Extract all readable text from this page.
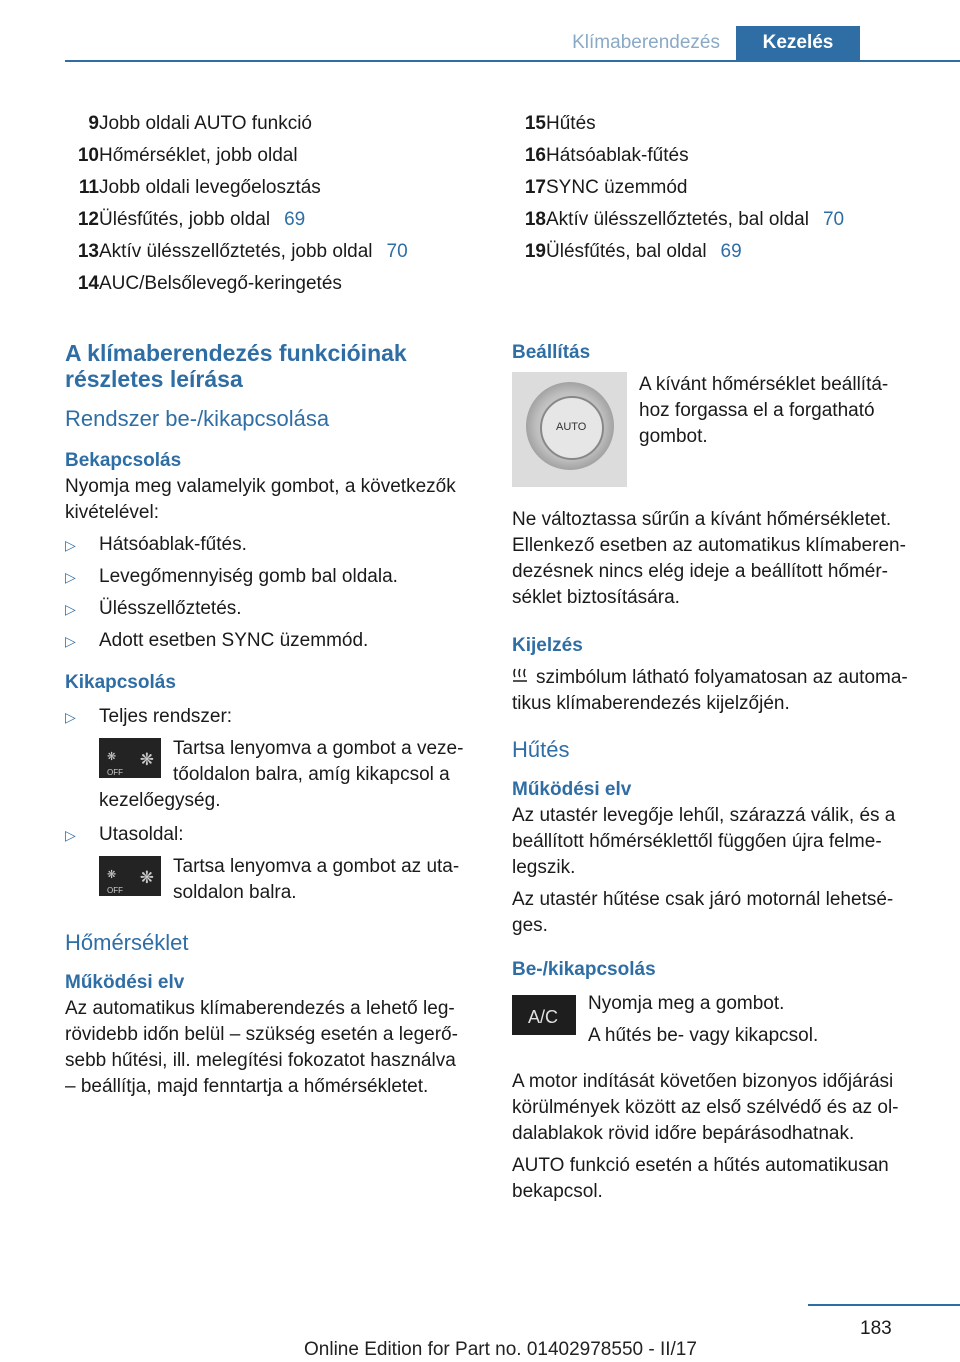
Klímaberendezés	Kezelés
9 Jobb oldali AUTO funkció
10 Hőmérséklet, jobb oldal
11 Jobb oldali levegőelosztás
12 Ülésfűtés, jobb oldal 69
13 Aktív ülésszellőztetés, jobb oldal 70
14 AUC/Belsőlevegő-keringetés
15 Hűtés
16 Hátsóablak-fűtés
17 SYNC üzemmód
18 Aktív ülésszellőztetés, bal oldal 70
19 Ülésfűtés, bal oldal 69
A klímaberendezés funkcióinak
részletes leírása
Rendszer be-/kikapcsolása
Bekapcsolás

Nyomja meg valamelyik gombot, a következők kivételével:

▷	Hátsóablak-fűtés.
▷	Levegőmennyiség gomb bal oldala.
▷	Ülésszellőztetés.
▷	Adott esetben SYNC üzemmód.
Kikapcsolás
▷	Teljes rendszer:
❋
OFF
❋
Tartsa lenyomva a gombot a veze-
tőoldalon balra, amíg kikapcsol a
kezelőegység.
▷	Utasoldal:
❋
OFF
❋
Tartsa lenyomva a gombot az uta-
soldalon balra.
Hőmérséklet
Működési elv
Az automatikus klímaberendezés a lehető leg-
rövidebb időn belül – szükség esetén a legerő-
sebb hűtési, ill. melegítési fokozatot használva
– beállítja, majd fenntartja a hőmérsékletet.
Beállítás
AUTO
A kívánt hőmérséklet beállítá-
hoz forgassa el a forgatható
gombot.
Ne változtassa sűrűn a kívánt hőmérsékletet.
Ellenkező esetben az automatikus klímaberen-
dezésnek nincs elég ideje a beállított hőmér-
séklet biztosítására.
Kijelzés
szimbólum látható folyamatosan az automa-
tikus klímaberendezés kijelzőjén.
Hűtés
Működési elv
Az utastér levegője lehűl, szárazzá válik, és a
beállított hőmérséklettől függően újra felme-
legszik.
Az utastér hűtése csak járó motornál lehetsé-
ges.
Be-/kikapcsolás
A/C
Nyomja meg a gombot.
A hűtés be- vagy kikapcsol.
A motor indítását követően bizonyos időjárási
körülmények között az első szélvédő és az ol-
dalablakok rövid időre bepárásodhatnak.
AUTO funkció esetén a hűtés automatikusan
bekapcsol.
183
Online Edition for Part no. 01402978550 - II/17
